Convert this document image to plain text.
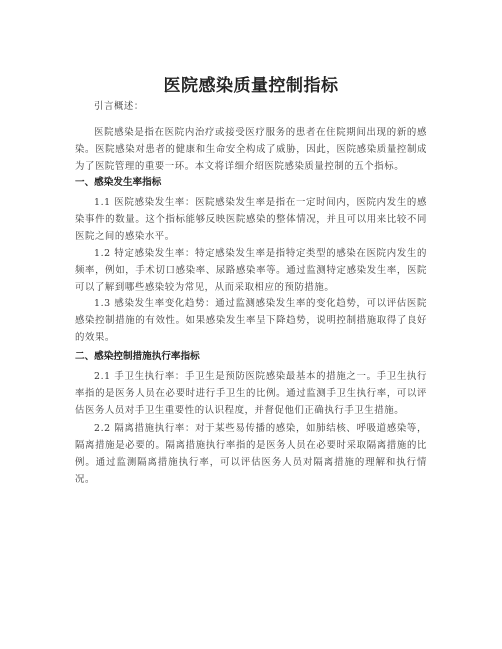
医院感染质量控制指标

引言概述：

医院感染是指在医院内治疗或接受医疗服务的患者在住院期间出现的新的感染。医院感染对患者的健康和生命安全构成了威胁，因此，医院感染质量控制成为了医院管理的重要一环。本文将详细介绍医院感染质量控制的五个指标。

一、感染发生率指标

1.1 医院感染发生率：医院感染发生率是指在一定时间内，医院内发生的感染事件的数量。这个指标能够反映医院感染的整体情况，并且可以用来比较不同医院之间的感染水平。

1.2 特定感染发生率：特定感染发生率是指特定类型的感染在医院内发生的频率，例如，手术切口感染率、尿路感染率等。通过监测特定感染发生率，医院可以了解到哪些感染较为常见，从而采取相应的预防措施。

1.3 感染发生率变化趋势：通过监测感染发生率的变化趋势，可以评估医院感染控制措施的有效性。如果感染发生率呈下降趋势，说明控制措施取得了良好的效果。

二、感染控制措施执行率指标

2.1 手卫生执行率：手卫生是预防医院感染最基本的措施之一。手卫生执行率指的是医务人员在必要时进行手卫生的比例。通过监测手卫生执行率，可以评估医务人员对手卫生重要性的认识程度，并督促他们正确执行手卫生措施。

2.2 隔离措施执行率：对于某些易传播的感染，如肺结核、呼吸道感染等，隔离措施是必要的。隔离措施执行率指的是医务人员在必要时采取隔离措施的比例。通过监测隔离措施执行率，可以评估医务人员对隔离措施的理解和执行情况。
